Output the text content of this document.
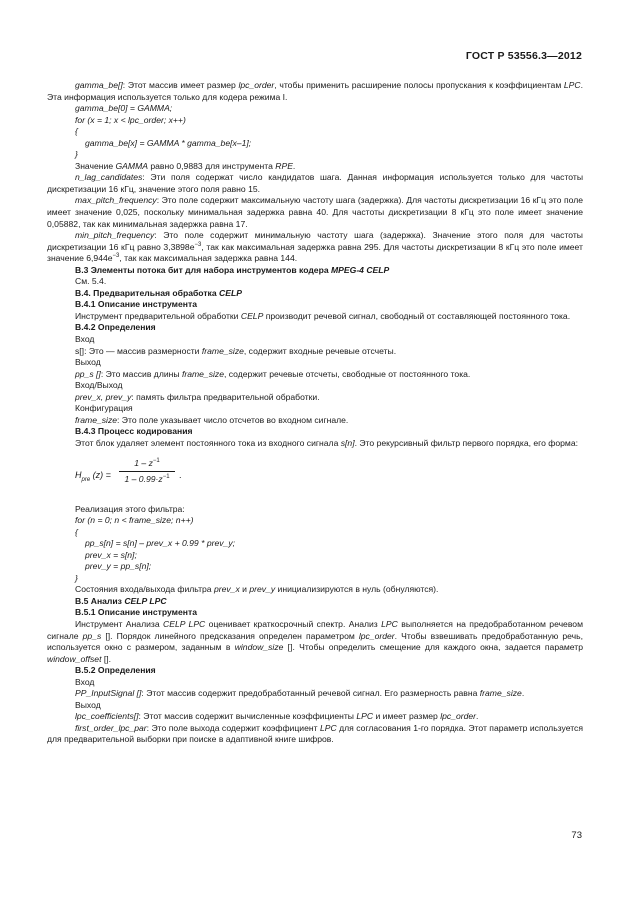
ГОСТ Р 53556.3—2012

gamma_be[]: Этот массив имеет размер lpc_order, чтобы применить расширение полосы пропускания к коэффициентам LPC. Эта информация используется только для кодера режима I.

gamma_be[0] = GAMMA;

for (x = 1; x < lpc_order; x++)

{

gamma_be[x] = GAMMA * gamma_be[x–1];

}

Значение GAMMA равно 0,9883 для инструмента RPE.

n_lag_candidates: Эти поля содержат число кандидатов шага. Данная информация используется только для частоты дискретизации 16 кГц, значение этого поля равно 15.

max_pitch_frequency: Это поле содержит максимальную частоту шага (задержка). Для частоты дискретизации 16 кГц это поле имеет значение 0,025, поскольку минимальная задержка равна 40. Для частоты дискретизации 8 кГц это поле имеет значение 0,05882, так как минимальная задержка равна 17.

min_pitch_frequency: Это поле содержит минимальную частоту шага (задержка). Значение этого поля для частоты дискретизации 16 кГц равно $3,3898e^{-3}$, так как максимальная задержка равна 295. Для частоты дискретизации 8 кГц это поле имеет значение $6,944e^{-3}$, так как максимальная задержка равна 144.

В.3 Элементы потока бит для набора инструментов кодера MPEG-4 CELP

См. 5.4.

В.4. Предварительная обработка CELP

В.4.1 Описание инструмента

Инструмент предварительной обработки CELP производит речевой сигнал, свободный от составляющей постоянного тока.

В.4.2 Определения

Вход

s[]: Это — массив размерности frame_size, содержит входные речевые отсчеты.

Выход

pp_s []: Это массив длины frame_size, содержит речевые отсчеты, свободные от постоянного тока.

Вход/Выход

prev_x, prev_y: память фильтра предварительной обработки.

Конфигурация

frame_size: Это поле указывает число отсчетов во входном сигнале.

В.4.3 Процесс кодирования

Этот блок удаляет элемент постоянного тока из входного сигнала s[n]. Это рекурсивный фильтр первого порядка, его форма:

$H_{pre}$ $(z) = \frac{1 - z^{-1}}{1 - 0.99\cdot z^{-1}}$ .

Реализация этого фильтра:

for (n = 0; n < frame_size; n++)

{

pp_s[n] = s[n] – prev_x + 0.99 * prev_y;

prev_x = s[n];

prev_y = pp_s[n];

}

Состояния входа/выхода фильтра prev_x и prev_y инициализируются в нуль (обнуляются).

В.5 Анализ CELP LPC

В.5.1 Описание инструмента

Инструмент Анализа CELP LPC оценивает краткосрочный спектр. Анализ LPC выполняется на предобработанном речевом сигнале pp_s []. Порядок линейного предсказания определен параметром lpc_order. Чтобы взвешивать предобработанную речь, используется окно с размером, заданным в window_size []. Чтобы определить смещение для каждого окна, задается параметр window_offset [].

В.5.2 Определения

Вход

PP_InputSignal []: Этот массив содержит предобработанный речевой сигнал. Его размерность равна frame_size.

Выход

lpc_coefficients[]: Этот массив содержит вычисленные коэффициенты LPC и имеет размер lpc_order.

first_order_lpc_par: Это поле выхода содержит коэффициент LPC для согласования 1-го порядка. Этот параметр используется для предварительной выборки при поиске в адаптивной книге шифров.

73
